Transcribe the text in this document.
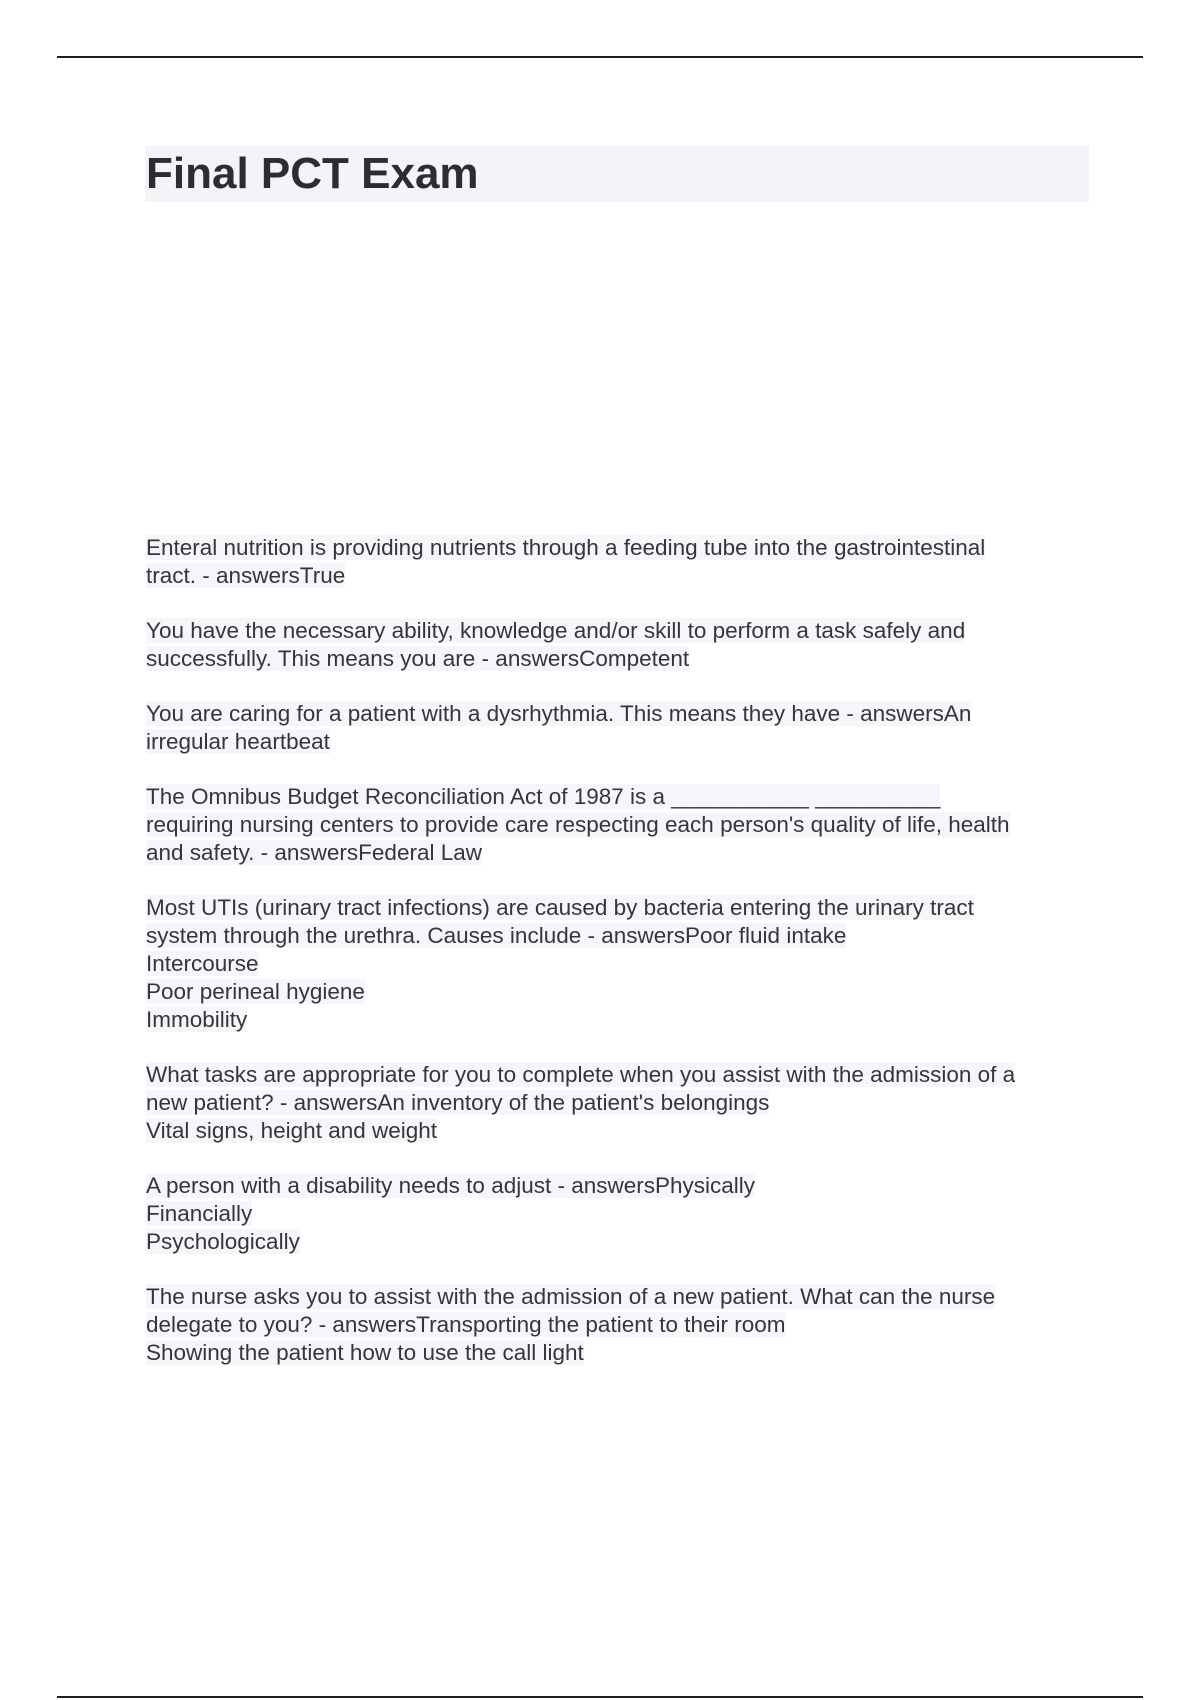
Final PCT Exam
Enteral nutrition is providing nutrients through a feeding tube into the gastrointestinal
tract. - answersTrue
You have the necessary ability, knowledge and/or skill to perform a task safely and
successfully. This means you are - answersCompetent
You are caring for a patient with a dysrhythmia. This means they have - answersAn
irregular heartbeat
The Omnibus Budget Reconciliation Act of 1987 is a ___________ __________
requiring nursing centers to provide care respecting each person's quality of life, health
and safety. - answersFederal Law
Most UTIs (urinary tract infections) are caused by bacteria entering the urinary tract
system through the urethra. Causes include - answersPoor fluid intake
Intercourse
Poor perineal hygiene
Immobility
What tasks are appropriate for you to complete when you assist with the admission of a
new patient? - answersAn inventory of the patient's belongings
Vital signs, height and weight
A person with a disability needs to adjust - answersPhysically
Financially
Psychologically
The nurse asks you to assist with the admission of a new patient. What can the nurse
delegate to you? - answersTransporting the patient to their room
Showing the patient how to use the call light
